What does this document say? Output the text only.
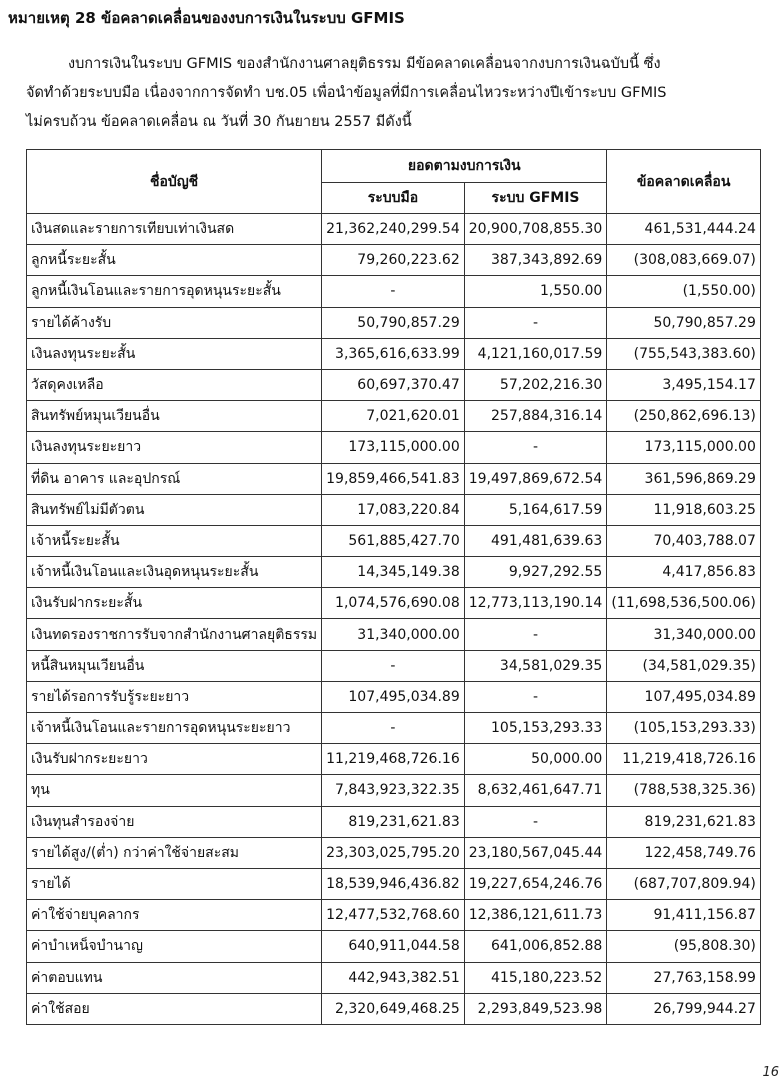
หมายเหตุ 28 ข้อคลาดเคลื่อนของงบการเงินในระบบ GFMIS
งบการเงินในระบบ GFMIS ของสำนักงานศาลยุติธรรม มีข้อคลาดเคลื่อนจากงบการเงินฉบับนี้ ซึ่ง
จัดทำด้วยระบบมือ เนื่องจากการจัดทำ บช.05 เพื่อนำข้อมูลที่มีการเคลื่อนไหวระหว่างปีเข้าระบบ GFMIS
ไม่ครบถ้วน ข้อคลาดเคลื่อน ณ วันที่ 30 กันยายน 2557 มีดังนี้
ชื่อบัญชี	ยอดตามงบการเงิน		ข้อคลาดเคลื่อน
	ระบบมือ	ระบบ GFMIS	
เงินสดและรายการเทียบเท่าเงินสด	21,362,240,299.54	20,900,708,855.30	461,531,444.24
ลูกหนี้ระยะสั้น	79,260,223.62	387,343,892.69	(308,083,669.07)
ลูกหนี้เงินโอนและรายการอุดหนุนระยะสั้น	-	1,550.00	(1,550.00)
รายได้ค้างรับ	50,790,857.29	-	50,790,857.29
เงินลงทุนระยะสั้น	3,365,616,633.99	4,121,160,017.59	(755,543,383.60)
วัสดุคงเหลือ	60,697,370.47	57,202,216.30	3,495,154.17
สินทรัพย์หมุนเวียนอื่น	7,021,620.01	257,884,316.14	(250,862,696.13)
เงินลงทุนระยะยาว	173,115,000.00	-	173,115,000.00
ที่ดิน อาคาร และอุปกรณ์	19,859,466,541.83	19,497,869,672.54	361,596,869.29
สินทรัพย์ไม่มีตัวตน	17,083,220.84	5,164,617.59	11,918,603.25
เจ้าหนี้ระยะสั้น	561,885,427.70	491,481,639.63	70,403,788.07
เจ้าหนี้เงินโอนและเงินอุดหนุนระยะสั้น	14,345,149.38	9,927,292.55	4,417,856.83
เงินรับฝากระยะสั้น	1,074,576,690.08	12,773,113,190.14	(11,698,536,500.06)
เงินทดรองราชการรับจากสำนักงานศาลยุติธรรม	31,340,000.00	-	31,340,000.00
หนี้สินหมุนเวียนอื่น	-	34,581,029.35	(34,581,029.35)
รายได้รอการรับรู้ระยะยาว	107,495,034.89	-	107,495,034.89
เจ้าหนี้เงินโอนและรายการอุดหนุนระยะยาว	-	105,153,293.33	(105,153,293.33)
เงินรับฝากระยะยาว	11,219,468,726.16	50,000.00	11,219,418,726.16
ทุน	7,843,923,322.35	8,632,461,647.71	(788,538,325.36)
เงินทุนสำรองจ่าย	819,231,621.83	-	819,231,621.83
รายได้สูง/(ต่ำ) กว่าค่าใช้จ่ายสะสม	23,303,025,795.20	23,180,567,045.44	122,458,749.76
รายได้	18,539,946,436.82	19,227,654,246.76	(687,707,809.94)
ค่าใช้จ่ายบุคลากร	12,477,532,768.60	12,386,121,611.73	91,411,156.87
ค่าบำเหน็จบำนาญ	640,911,044.58	641,006,852.88	(95,808.30)
ค่าตอบแทน	442,943,382.51	415,180,223.52	27,763,158.99
ค่าใช้สอย	2,320,649,468.25	2,293,849,523.98	26,799,944.27
16
